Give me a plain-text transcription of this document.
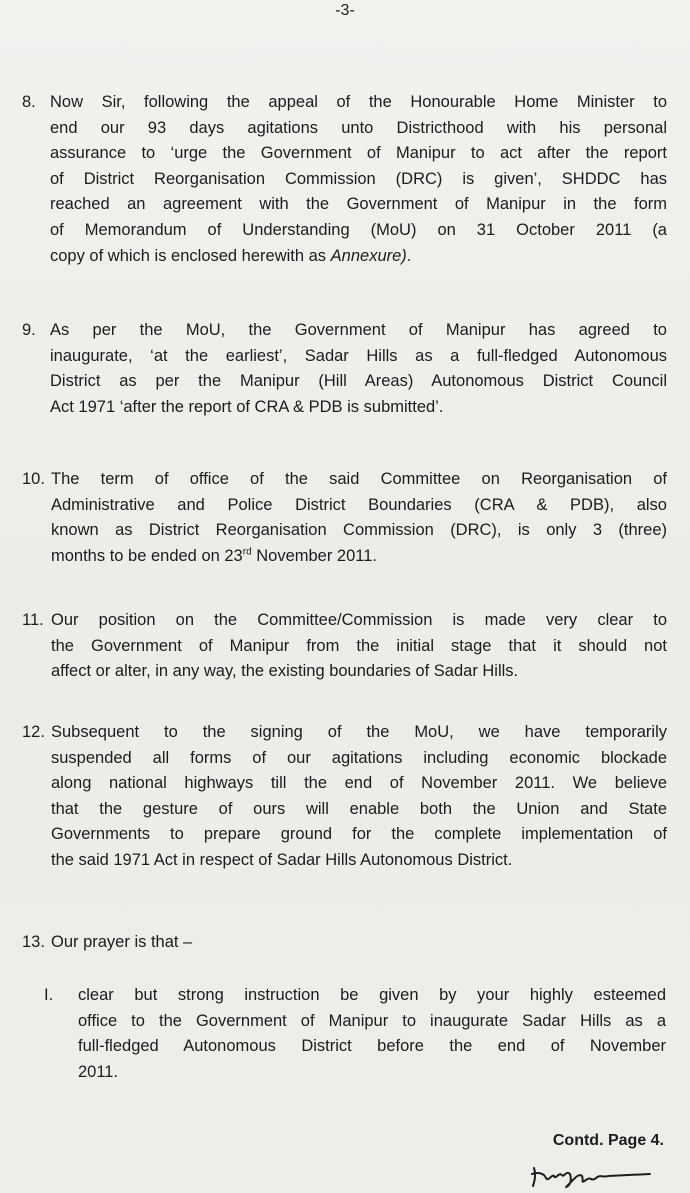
-3-
8. Now Sir, following the appeal of the Honourable Home Minister to
end our 93 days agitations unto Districthood with his personal
assurance to ‘urge the Government of Manipur to act after the report
of District Reorganisation Commission (DRC) is given’, SHDDC has
reached an agreement with the Government of Manipur in the form
of Memorandum of Understanding (MoU) on 31 October 2011 (a
copy of which is enclosed herewith as Annexure).
9. As per the MoU, the Government of Manipur has agreed to
inaugurate, ‘at the earliest’, Sadar Hills as a full-fledged Autonomous
District as per the Manipur (Hill Areas) Autonomous District Council
Act 1971 ‘after the report of CRA & PDB is submitted’.
10. The term of office of the said Committee on Reorganisation of
Administrative and Police District Boundaries (CRA & PDB), also
known as District Reorganisation Commission (DRC), is only 3 (three)
months to be ended on 23rd November 2011.
11. Our position on the Committee/Commission is made very clear to
the Government of Manipur from the initial stage that it should not
affect or alter, in any way, the existing boundaries of Sadar Hills.
12. Subsequent to the signing of the MoU, we have temporarily
suspended all forms of our agitations including economic blockade
along national highways till the end of November 2011. We believe
that the gesture of ours will enable both the Union and State
Governments to prepare ground for the complete implementation of
the said 1971 Act in respect of Sadar Hills Autonomous District.
13. Our prayer is that –
I.	clear but strong instruction be given by your highly esteemed
office to the Government of Manipur to inaugurate Sadar Hills as a
full-fledged Autonomous District before the end of November
2011.
Contd. Page 4.
